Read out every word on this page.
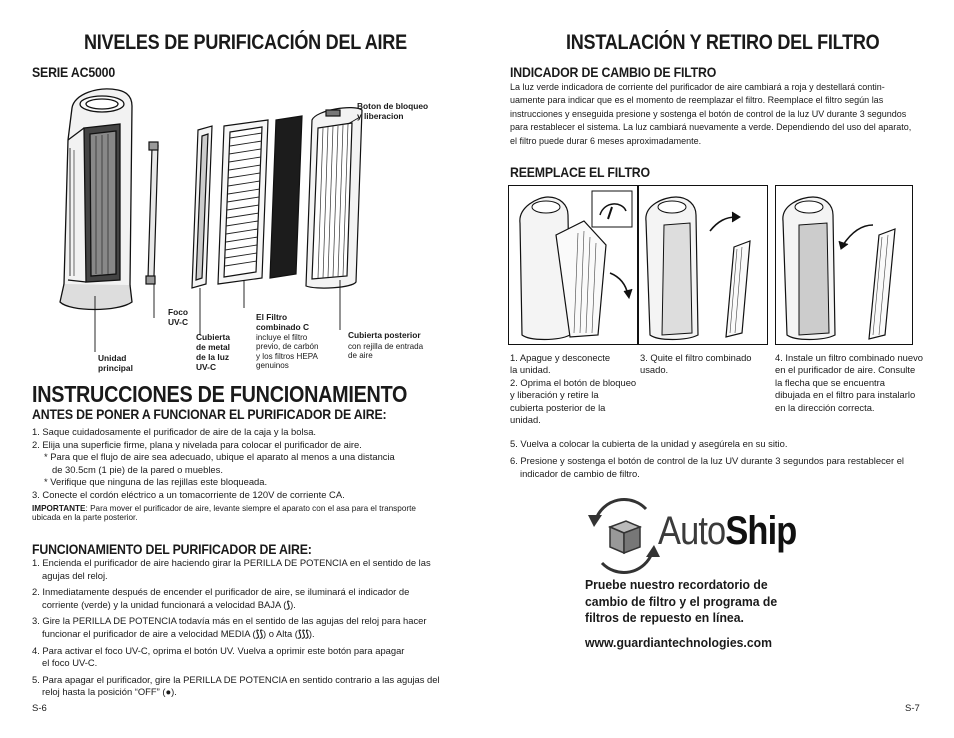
NIVELES DE PURIFICACIÓN DEL AIRE
SERIE AC5000
Boton de bloqueo
y liberacion
Unidad
principal
Foco
UV-C
Cubierta
de metal
de la luz
UV-C
El Filtro
combinado C
incluye el filtro
previo, de carbón
y los filtros HEPA
genuinos
Cubierta posterior
con rejilla de entrada
de aire
INSTRUCCIONES DE FUNCIONAMIENTO
ANTES DE PONER A FUNCIONAR EL PURIFICADOR DE AIRE:
1. Saque cuidadosamente el purificador de aire de la caja y la bolsa.
2. Elija una superficie firme, plana y nivelada para colocar el purificador de aire.
* Para que el flujo de aire sea adecuado, ubique el aparato al menos a una distancia
de 30.5cm (1 pie) de la pared o muebles.
* Verifique que ninguna de las rejillas este bloqueada.
3. Conecte el cordón eléctrico a un tomacorriente de 120V de corriente CA.
IMPORTANTE: Para mover el purificador de aire, levante siempre el aparato con el asa para el transporte
ubicada en la parte posterior.
FUNCIONAMIENTO DEL PURIFICADOR DE AIRE:
1. Encienda el purificador de aire haciendo girar la PERILLA DE POTENCIA en el sentido de las
agujas del reloj.
2. Inmediatamente después de encender el purificador de aire, se iluminará el indicador de
corriente (verde) y la unidad funcionará a velocidad BAJA (⟆).
3. Gire la PERILLA DE POTENCIA todavía más en el sentido de las agujas del reloj para hacer
funcionar el purificador de aire a velocidad MEDIA (⟆⟆) o Alta (⟆⟆⟆).
4. Para activar el foco UV-C, oprima el botón UV. Vuelva a oprimir este botón para apagar
el foco UV-C.
5. Para apagar el purificador, gire la PERILLA DE POTENCIA en sentido contrario a las agujas del
reloj hasta la posición “OFF” (●).
S-6
INSTALACIÓN Y RETIRO DEL FILTRO
INDICADOR DE CAMBIO DE FILTRO
La luz verde indicadora de corriente del purificador de aire cambiará a roja y destellará contin-
uamente para indicar que es el momento de reemplazar el filtro. Reemplace el filtro según las
instrucciones y enseguida presione y sostenga el botón de control de la luz UV durante 3 segundos
para restablecer el sistema. La luz cambiará nuevamente a verde. Dependiendo del uso del aparato,
el filtro puede durar 6 meses aproximadamente.
REEMPLACE EL FILTRO
1. Apague y desconecte
la unidad.
2. Oprima el botón de bloqueo
y liberación y retire la
cubierta posterior de la
unidad.
3. Quite el filtro combinado
usado.
4. Instale un filtro combinado nuevo
en el purificador de aire. Consulte
la flecha que se encuentra
dibujada en el filtro para instalarlo
en la dirección correcta.
5. Vuelva a colocar la cubierta de la unidad y asegúrela en su sitio.
6. Presione y sostenga el botón de control de la luz UV durante 3 segundos para restablecer el
indicador de cambio de filtro.
AutoShip
Pruebe nuestro recordatorio de
cambio de filtro y el programa de
filtros de repuesto en línea.
www.guardiantechnologies.com
S-7
